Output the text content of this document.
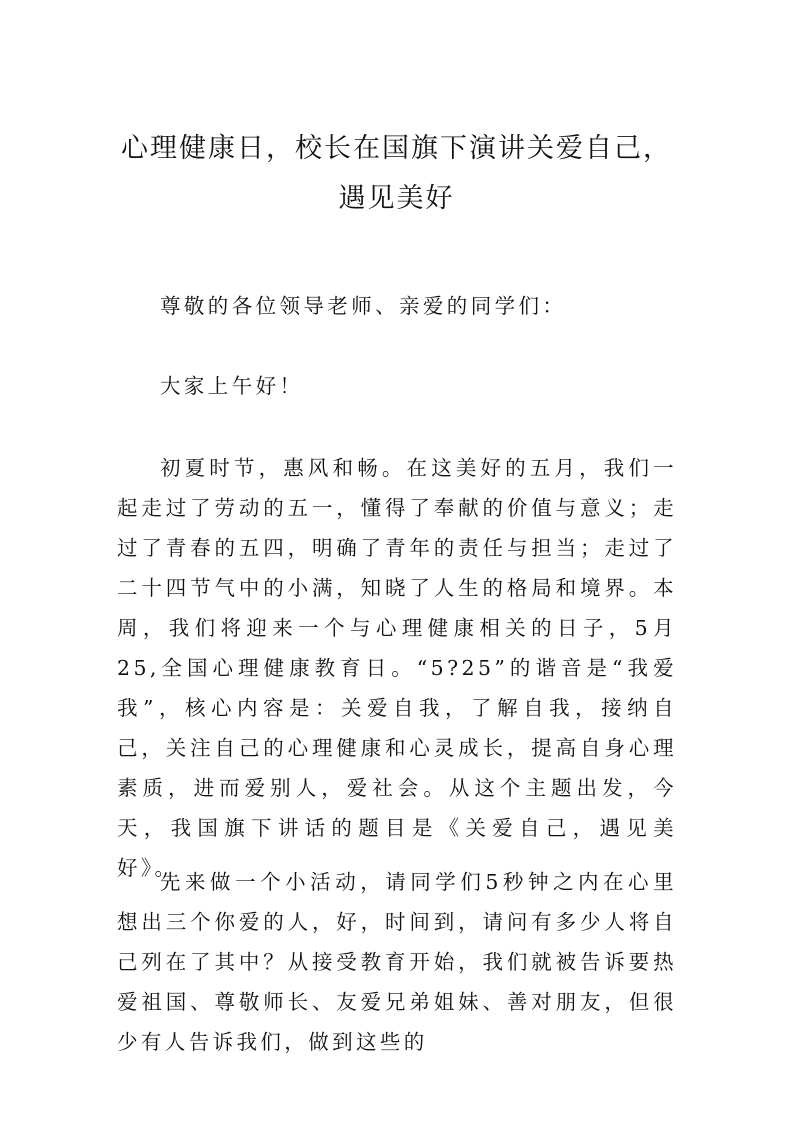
心理健康日，校长在国旗下演讲关爱自己，
遇见美好

尊敬的各位领导老师、亲爱的同学们：

大家上午好！

初夏时节，惠风和畅。在这美好的五月，我们一起走过了劳动的五一，懂得了奉献的价值与意义；走过了青春的五四，明确了青年的责任与担当；走过了二十四节气中的小满，知晓了人生的格局和境界。本周，我们将迎来一个与心理健康相关的日子，5月25,全国心理健康教育日。“5?25”的谐音是“我爱我”，核心内容是：关爱自我，了解自我，接纳自己，关注自己的心理健康和心灵成长，提高自身心理素质，进而爱别人，爱社会。从这个主题出发，今天，我国旗下讲话的题目是《关爱自己，遇见美好》。

先来做一个小活动，请同学们5秒钟之内在心里想出三个你爱的人，好，时间到，请问有多少人将自己列在了其中？从接受教育开始，我们就被告诉要热爱祖国、尊敬师长、友爱兄弟姐妹、善对朋友，但很少有人告诉我们，做到这些的
